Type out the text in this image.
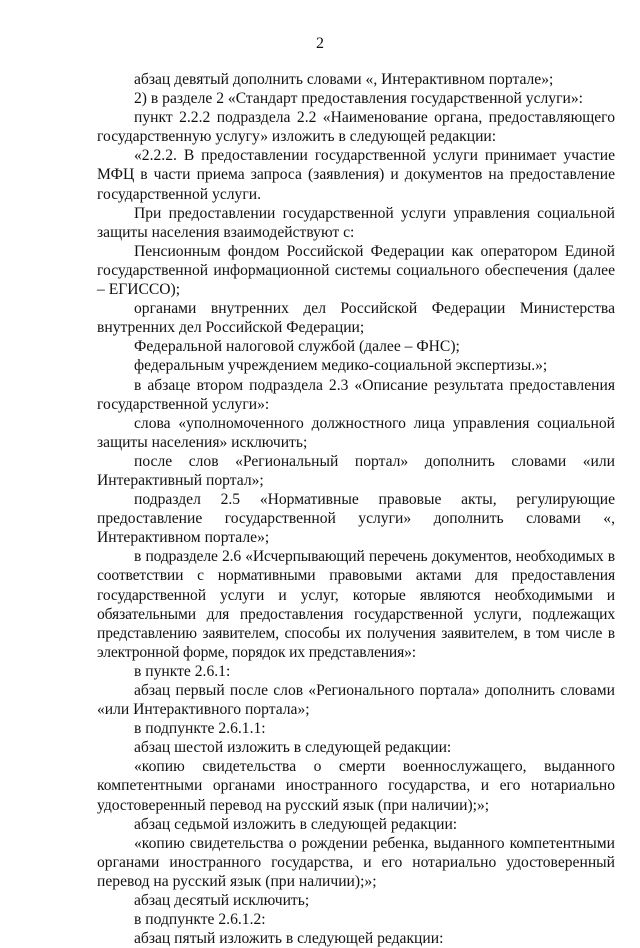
2

абзац девятый дополнить словами «, Интерактивном портале»;

2) в разделе 2 «Стандарт предоставления государственной услуги»:

пункт 2.2.2 подраздела 2.2 «Наименование органа, предоставляющего государственную услугу» изложить в следующей редакции:

«2.2.2. В предоставлении государственной услуги принимает участие МФЦ в части приема запроса (заявления) и документов на предоставление государственной услуги.

При предоставлении государственной услуги управления социальной защиты населения взаимодействуют с:

Пенсионным фондом Российской Федерации как оператором Единой государственной информационной системы социального обеспечения (далее – ЕГИССО);

органами внутренних дел Российской Федерации Министерства внутренних дел Российской Федерации;

Федеральной налоговой службой (далее – ФНС);

федеральным учреждением медико-социальной экспертизы.»;

в абзаце втором подраздела 2.3 «Описание результата предоставления государственной услуги»:

слова «уполномоченного должностного лица управления социальной защиты населения» исключить;

после слов «Региональный портал» дополнить словами «или Интерактивный портал»;

подраздел 2.5 «Нормативные правовые акты, регулирующие предоставление государственной услуги» дополнить словами «, Интерактивном портале»;

в подразделе 2.6 «Исчерпывающий перечень документов, необходимых в соответствии с нормативными правовыми актами для предоставления государственной услуги и услуг, которые являются необходимыми и обязательными для предоставления государственной услуги, подлежащих представлению заявителем, способы их получения заявителем, в том числе в электронной форме, порядок их представления»:

в пункте 2.6.1:

абзац первый после слов «Регионального портала» дополнить словами «или Интерактивного портала»;

в подпункте 2.6.1.1:

абзац шестой изложить в следующей редакции:

«копию свидетельства о смерти военнослужащего, выданного компетентными органами иностранного государства, и его нотариально удостоверенный перевод на русский язык (при наличии);»;

абзац седьмой изложить в следующей редакции:

«копию свидетельства о рождении ребенка, выданного компетентными органами иностранного государства, и его нотариально удостоверенный перевод на русский язык (при наличии);»;

абзац десятый исключить;

в подпункте 2.6.1.2:

абзац пятый изложить в следующей редакции:
